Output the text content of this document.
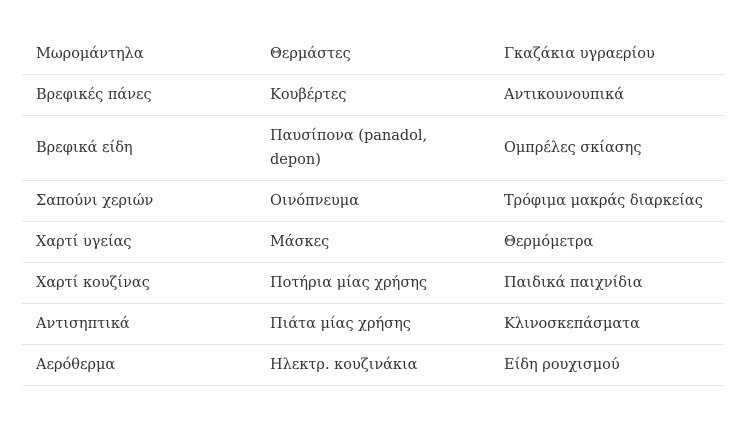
Μωρομάντηλα	Θερμάστες	Γκαζάκια υγραερίου
Βρεφικές πάνες	Κουβέρτες	Αντικουνουπικά
Βρεφικά είδη	Παυσίπονα (panadol, depon)	Ομπρέλες σκίασης
Σαπούνι χεριών	Οινόπνευμα	Τρόφιμα μακράς διαρκείας
Χαρτί υγείας	Μάσκες	Θερμόμετρα
Χαρτί κουζίνας	Ποτήρια μίας χρήσης	Παιδικά παιχνίδια
Αντισηπτικά	Πιάτα μίας χρήσης	Κλινοσκεπάσματα
Αερόθερμα	Ηλεκτρ. κουζινάκια	Είδη ρουχισμού
